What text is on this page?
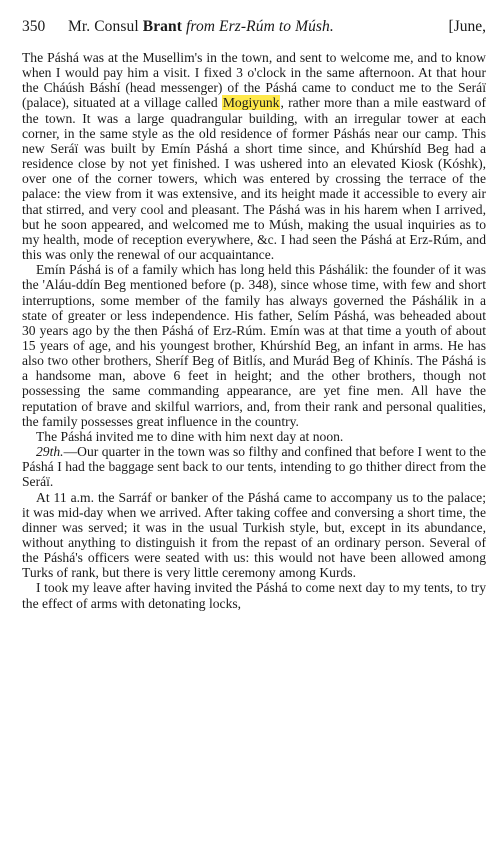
350 Mr. Consul Brant from Erz-Rúm to Músh.	[June,

The Páshá was at the Musellim's in the town, and sent to welcome me, and to know when I would pay him a visit. I fixed 3 o'clock in the same afternoon. At that hour the Cháúsh Báshí (head messenger) of the Páshá came to conduct me to the Seráï (palace), situated at a village called Mogiyunk, rather more than a mile eastward of the town. It was a large quadrangular building, with an irregular tower at each corner, in the same style as the old residence of former Páshás near our camp. This new Seráï was built by Emín Páshá a short time since, and Khúrshíd Beg had a residence close by not yet finished. I was ushered into an elevated Kiosk (Kóshk), over one of the corner towers, which was entered by crossing the terrace of the palace: the view from it was extensive, and its height made it accessible to every air that stirred, and very cool and pleasant. The Páshá was in his harem when I arrived, but he soon appeared, and welcomed me to Músh, making the usual inquiries as to my health, mode of reception everywhere, &c. I had seen the Páshá at Erz-Rúm, and this was only the renewal of our acquaintance.

Emín Páshá is of a family which has long held this Páshálik: the founder of it was the 'Aláu-ddín Beg mentioned before (p. 348), since whose time, with few and short interruptions, some member of the family has always governed the Páshálik in a state of greater or less independence. His father, Selím Páshá, was beheaded about 30 years ago by the then Páshá of Erz-Rúm. Emín was at that time a youth of about 15 years of age, and his youngest brother, Khúrshíd Beg, an infant in arms. He has also two other brothers, Sheríf Beg of Bitlís, and Murád Beg of Khinís. The Páshá is a handsome man, above 6 feet in height; and the other brothers, though not possessing the same commanding appearance, are yet fine men. All have the reputation of brave and skilful warriors, and, from their rank and personal qualities, the family possesses great influence in the country.

The Páshá invited me to dine with him next day at noon.

29th.—Our quarter in the town was so filthy and confined that before I went to the Páshá I had the baggage sent back to our tents, intending to go thither direct from the Seráï.

At 11 a.m. the Sarráf or banker of the Páshá came to accompany us to the palace; it was mid-day when we arrived. After taking coffee and conversing a short time, the dinner was served; it was in the usual Turkish style, but, except in its abundance, without anything to distinguish it from the repast of an ordinary person. Several of the Páshá's officers were seated with us: this would not have been allowed among Turks of rank, but there is very little ceremony among Kurds.

I took my leave after having invited the Páshá to come next day to my tents, to try the effect of arms with detonating locks,
